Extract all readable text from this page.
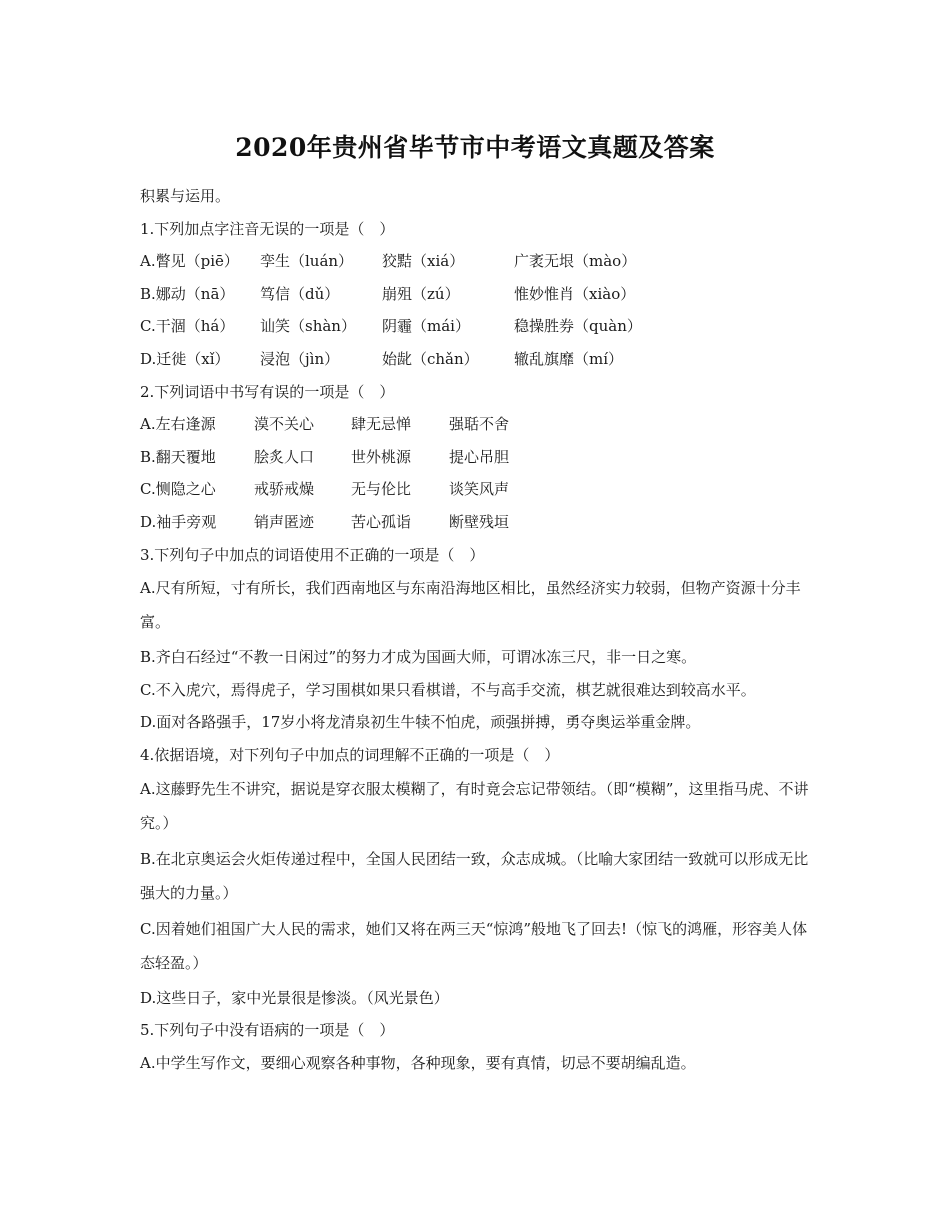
2020年贵州省毕节市中考语文真题及答案
积累与运用。
1.下列加点字注音无误的一项是（　）
A.瞥见（piē）	孪生（luán）	狡黠（xiá）	广袤无垠（mào）
B.娜动（nā）	笃信（dǔ）	崩殂（zú）	惟妙惟肖（xiào）
C.干涸（há）	讪笑（shàn）	阴霾（mái）	稳操胜券（quàn）
D.迁徙（xǐ）	浸泡（jìn）	始龀（chǎn）	辙乱旗靡（mí）
2.下列词语中书写有误的一项是（　）
A.左右逢源	漠不关心	肆无忌惮	强聒不舍
B.翻天覆地	脍炙人口	世外桃源	提心吊胆
C.恻隐之心	戒骄戒燥	无与伦比	谈笑风声
D.袖手旁观	销声匿迹	苦心孤诣	断壁残垣
3.下列句子中加点的词语使用不正确的一项是（　）

A.尺有所短，寸有所长，我们西南地区与东南沿海地区相比，虽然经济实力较弱，但物产资源十分丰富。

B.齐白石经过“不教一日闲过”的努力才成为国画大师，可谓冰冻三尺，非一日之寒。
C.不入虎穴，焉得虎子，学习围棋如果只看棋谱，不与高手交流，棋艺就很难达到较高水平。
D.面对各路强手，17岁小将龙清泉初生牛犊不怕虎，顽强拼搏，勇夺奥运举重金牌。
4.依据语境，对下列句子中加点的词理解不正确的一项是（　）

A.这藤野先生不讲究，据说是穿衣服太模糊了，有时竟会忘记带领结。（即“模糊”，这里指马虎、不讲究。）

B.在北京奥运会火炬传递过程中，全国人民团结一致，众志成城。（比喻大家团结一致就可以形成无比强大的力量。）

C.因着她们祖国广大人民的需求，她们又将在两三天“惊鸿”般地飞了回去!（惊飞的鸿雁，形容美人体态轻盈。）

D.这些日子，家中光景很是惨淡。（风光景色）
5.下列句子中没有语病的一项是（　）
A.中学生写作文，要细心观察各种事物，各种现象，要有真情，切忌不要胡编乱造。
